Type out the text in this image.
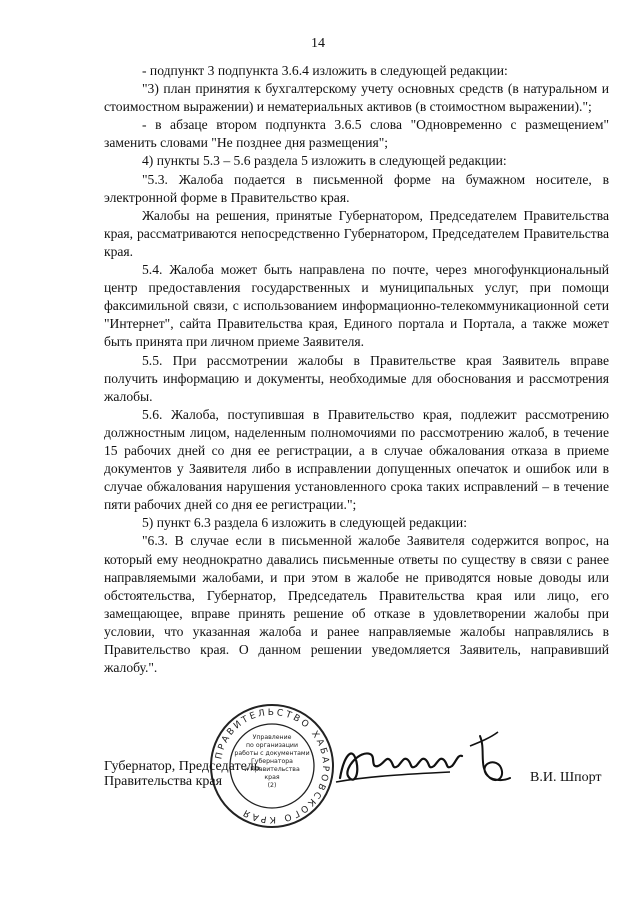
14

- подпункт 3 подпункта 3.6.4 изложить в следующей редакции:

"3) план принятия к бухгалтерскому учету основных средств (в натуральном и стоимостном выражении) и нематериальных активов (в стоимостном выражении).";

- в абзаце втором подпункта 3.6.5 слова "Одновременно с размещением" заменить словами "Не позднее дня размещения";

4) пункты 5.3 – 5.6 раздела 5 изложить в следующей редакции:

"5.3. Жалоба подается в письменной форме на бумажном носителе, в электронной форме в Правительство края.

Жалобы на решения, принятые Губернатором, Председателем Правительства края, рассматриваются непосредственно Губернатором, Председателем Правительства края.

5.4. Жалоба может быть направлена по почте, через многофункциональный центр предоставления государственных и муниципальных услуг, при помощи факсимильной связи, с использованием информационно-телекоммуникационной сети "Интернет", сайта Правительства края, Единого портала и Портала, а также может быть принята при личном приеме Заявителя.

5.5. При рассмотрении жалобы в Правительстве края Заявитель вправе получить информацию и документы, необходимые для обоснования и рассмотрения жалобы.

5.6. Жалоба, поступившая в Правительство края, подлежит рассмотрению должностным лицом, наделенным полномочиями по рассмотрению жалоб, в течение 15 рабочих дней со дня ее регистрации, а в случае обжалования отказа в приеме документов у Заявителя либо в исправлении допущенных опечаток и ошибок или в случае обжалования нарушения установленного срока таких исправлений – в течение пяти рабочих дней со дня ее регистрации.";

5) пункт 6.3 раздела 6 изложить в следующей редакции:

"6.3. В случае если в письменной жалобе Заявителя содержится вопрос, на который ему неоднократно давались письменные ответы по существу в связи с ранее направляемыми жалобами, и при этом в жалобе не приводятся новые доводы или обстоятельства, Губернатор, Председатель Правительства края или лицо, его замещающее, вправе принять решение об отказе в удовлетворении жалобы при условии, что указанная жалоба и ранее направляемые жалобы направлялись в Правительство края. О данном решении уведомляется Заявитель, направивший жалобу.".

ПРАВИТЕЛЬСТВО ХАБАРОВСКОГО КРАЯ
Управление
по организации
работы с документами
Губернатора
и Правительства
края
(2)
Губернатор, Председатель
Правительства края	В.И. Шпорт
